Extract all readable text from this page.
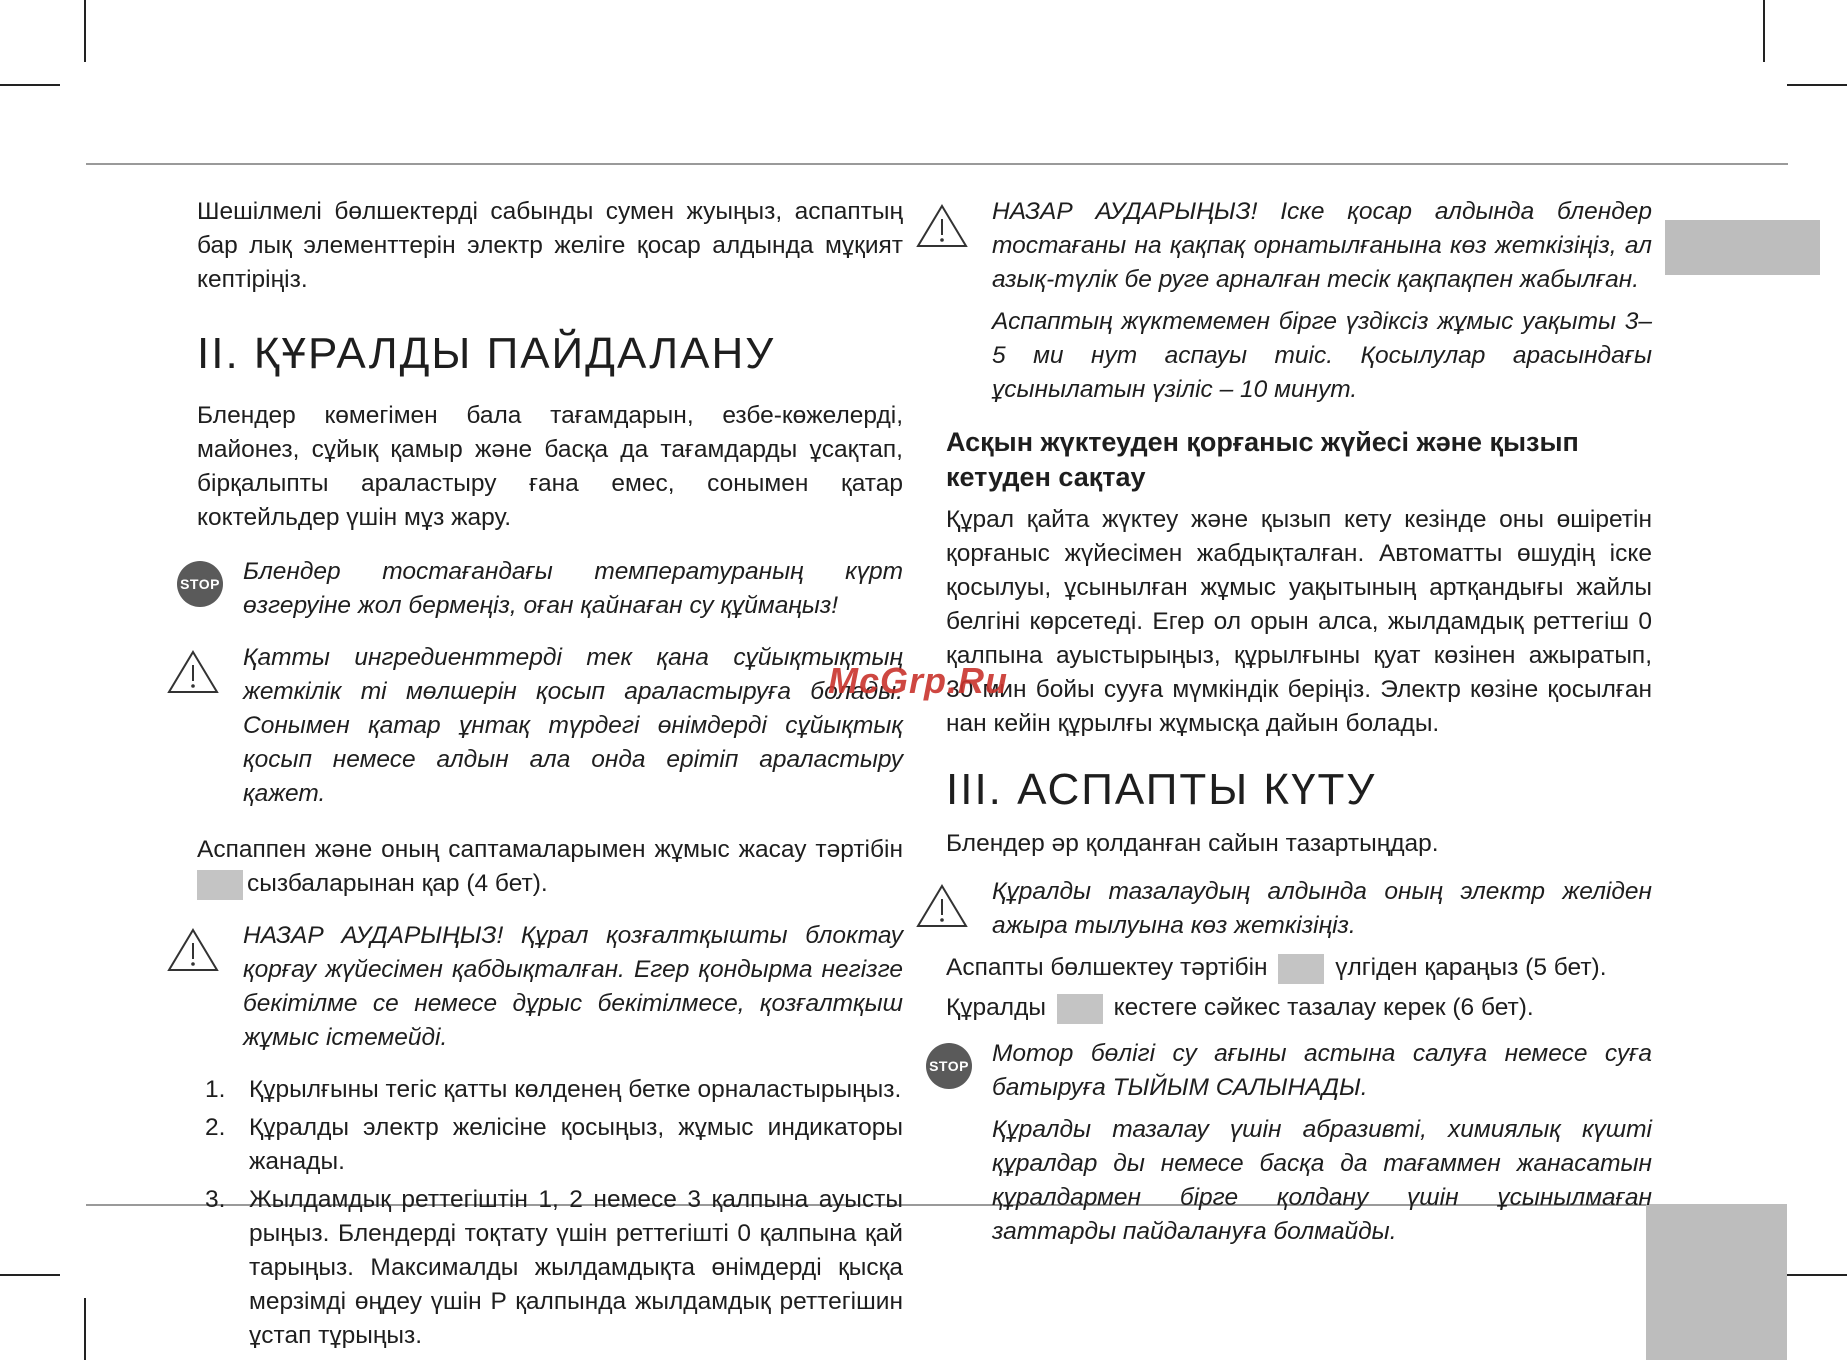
Шешілмелі бөлшектерді сабынды сумен жуыңыз, аспаптың бар лық элементтерін электр желіге қосар алдында мұқият кептіріңіз.

II. ҚҰРАЛДЫ ПАЙДАЛАНУ

Блендер көмегімен бала тағамдарын, езбе-көжелерді, майонез, сұйық қамыр және басқа да тағамдарды ұсақтап, бірқалыпты араластыру ғана емес, сонымен қатар коктейльдер үшін мұз жару.

STOP Блендер тостағандағы температураның күрт өзгеруіне жол бермеңіз, оған қайнаған су құймаңыз!

Қатты ингредиенттерді тек қана сұйықтықтың жеткілік ті мөлшерін қосып араластыруға болады. Сонымен қатар ұнтақ түрдегі өнімдерді сұйықтық қосып немесе алдын ала онда ерітіп араластыру қажет.

Аспаппен және оның саптамаларымен жұмыс жасау тәртібін сызбаларынан қар (4 бет).

НАЗАР АУДАРЫҢЫЗ! Құрал қозғалтқышты блоктау қорғау жүйесімен қабдықталған. Егер қондырма негізге бекітілме се немесе дұрыс бекітілмесе, қозғалтқыш жұмыс істемейді.

1. Құрылғыны тегіс қатты көлденең бетке орналастырыңыз.

2. Құралды электр желісіне қосыңыз, жұмыс индикаторы жанады.

3. Жылдамдық реттегіштін 1, 2 немесе 3 қалпына ауысты рыңыз. Блендерді тоқтату үшін реттегішті 0 қалпына қай тарыңыз. Максималды жылдамдықта өнімдерді қысқа мерзімді өңдеу үшін P қалпында жылдамдық реттегішин ұстап тұрыңыз.

НАЗАР АУДАРЫҢЫЗ! Іске қосар алдында блендер тостағаны на қақпақ орнатылғанына көз жеткізіңіз, ал азық-түлік бе руге арналған тесік қақпақпен жабылған.

Аспаптың жүктемемен бірге үздіксіз жұмыс уақыты 3–5 ми нут аспауы тиіс. Қосылулар арасындағы ұсынылатын үзіліс – 10 минут.

Асқын жүктеуден қорғаныс жүйесі және қызып кетуден сақтау

Құрал қайта жүктеу және қызып кету кезінде оны өшіретін қорғаныс жүйесімен жабдықталған. Автоматты өшудің іске қосылуы, ұсынылған жұмыс уақытының артқандығы жайлы белгіні көрсетеді. Егер ол орын алса, жылдамдық реттегіш 0 қалпына ауыстырыңыз, құрылғыны қуат көзінен ажыратып, 30 мин бойы сууға мүмкіндік беріңіз. Электр көзіне қосылған нан кейін құрылғы жұмысқа дайын болады.

III. АСПАПТЫ КҮТУ

Блендер әр қолданған сайын тазартыңдар.

Құралды тазалаудың алдында оның электр желіден ажыра тылуына көз жеткізіңіз.

Аспапты бөлшектеу тәртібін	үлгіден қараңыз (5 бет).

Құралды	кестеге сәйкес тазалау керек (6 бет).

STOP Мотор бөлігі су ағыны астына салуға немесе суға батыруға ТЫЙЫМ САЛЫНАДЫ.

Құралды тазалау үшін абразивті, химиялық күшті құралдар ды немесе басқа да тағаммен жанасатын құралдармен бірге қолдану үшін ұсынылмаған заттарды пайдалануға болмайды.

McGrp.Ru
